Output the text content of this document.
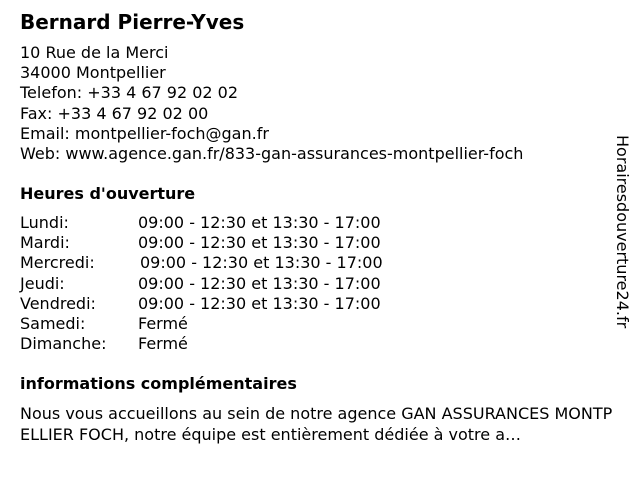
Bernard Pierre-Yves
10 Rue de la Merci
34000 Montpellier
Telefon: +33 4 67 92 02 02
Fax: +33 4 67 92 02 00
Email: montpellier-foch@gan.fr
Web: www.agence.gan.fr/833-gan-assurances-montpellier-foch
Heures d'ouverture
Lundi:	09:00 - 12:30 et 13:30 - 17:00
Mardi:	09:00 - 12:30 et 13:30 - 17:00
Mercredi:	09:00 - 12:30 et 13:30 - 17:00
Jeudi:	09:00 - 12:30 et 13:30 - 17:00
Vendredi:	09:00 - 12:30 et 13:30 - 17:00
Samedi:	Fermé
Dimanche: Fermé
informations complémentaires
Nous vous accueillons au sein de notre agence GAN ASSURANCES MONTPELLIER FOCH, notre équipe est entièrement dédiée à votre a…
Horairesdouverture24.fr
